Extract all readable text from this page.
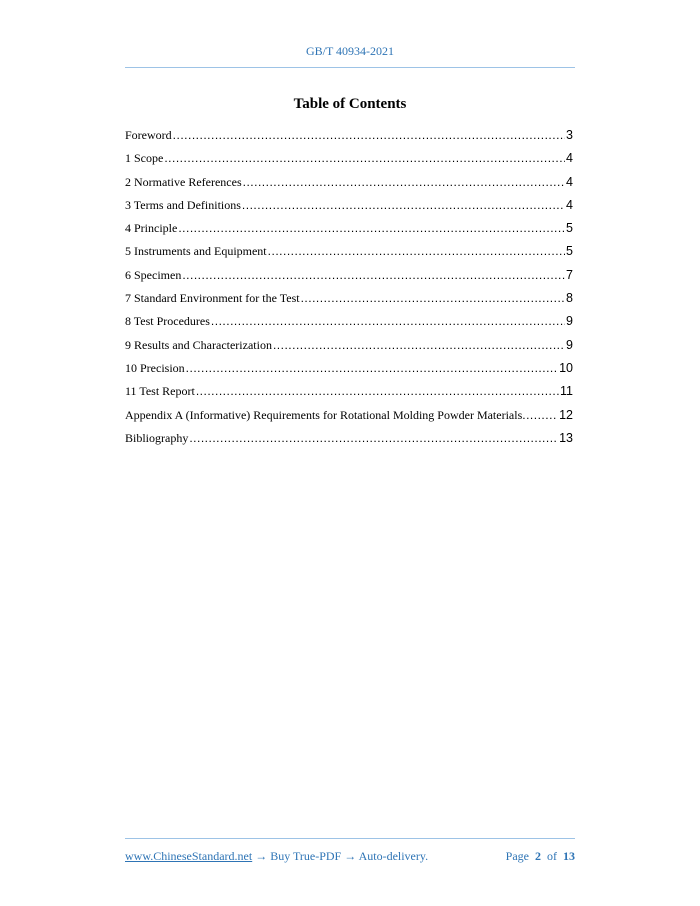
GB/T 40934-2021
Table of Contents
Foreword .....	3
1 Scope .....	4
2 Normative References .....	4
3 Terms and Definitions .....	4
4 Principle .....	5
5 Instruments and Equipment .....	5
6 Specimen .....	7
7 Standard Environment for the Test .....	8
8 Test Procedures .....	9
9 Results and Characterization .....	9
10 Precision .....	10
11 Test Report .....	11
Appendix A (Informative) Requirements for Rotational Molding Powder Materials .....	12
Bibliography .....	13
www.ChineseStandard.net → Buy True-PDF → Auto-delivery.	Page 2 of 13
